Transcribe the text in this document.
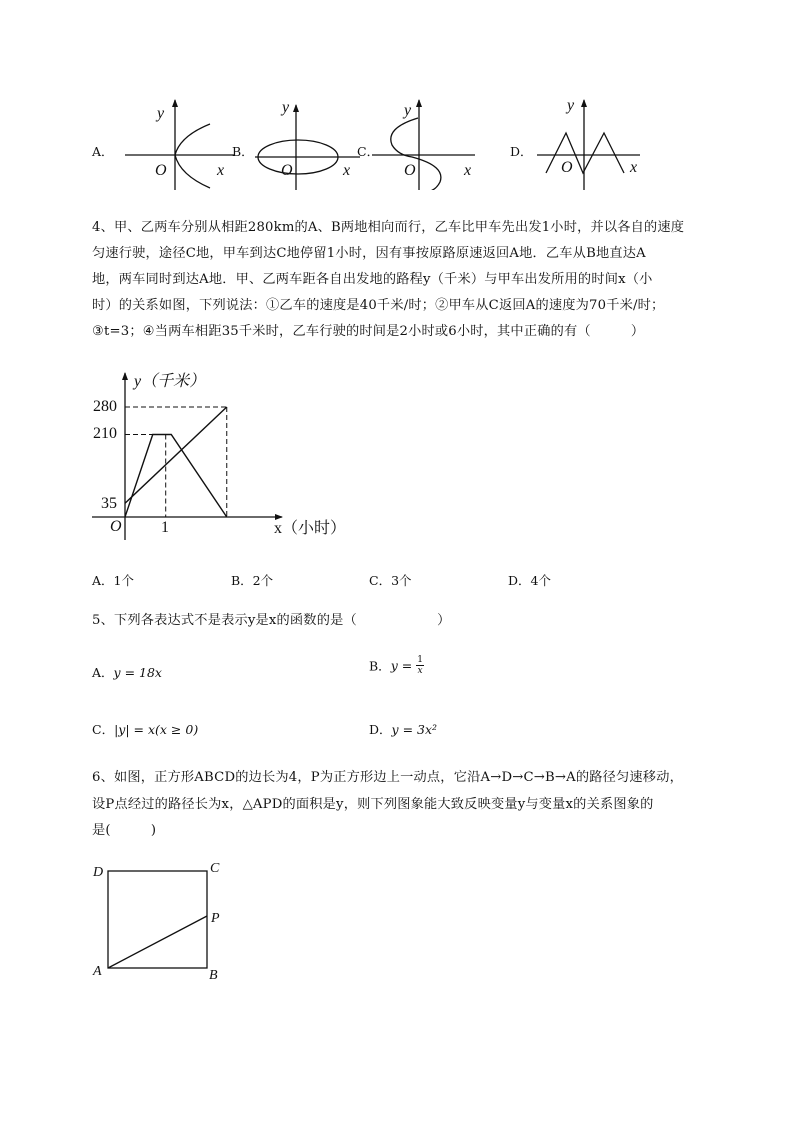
A．	B．	C．	D．
y
O	x
y
O	x
y
O	x
y
O	x
4、甲、乙两车分别从相距280km的A、B两地相向而行，乙车比甲车先出发1小时，并以各自的速度
匀速行驶，途径C地，甲车到达C地停留1小时，因有事按原路原速返回A地．乙车从B地直达A
地，两车同时到达A地．甲、乙两车距各自出发地的路程y（千米）与甲车出发所用的时间x（小
时）的关系如图，下列说法：①乙车的速度是40千米/时；②甲车从C返回A的速度为70千米/时；
③t=3；④当两车相距35千米时，乙车行驶的时间是2小时或6小时，其中正确的有（　　　）
y（千米）
280
210
35
O 1	x（小时）
A．1个	B．2个	C．3个	D．4个
5、下列各表达式不是表示y是x的函数的是（　　　　　　）
A．y = 18x	B．$y = \frac{1}{x}$
C．|y| = x(x ≥ 0)	D．y = 3x²
6、如图，正方形ABCD的边长为4，P为正方形边上一动点，它沿A→D→C→B→A的路径匀速移动，
设P点经过的路径长为x，△APD的面积是y，则下列图象能大致反映变量y与变量x的关系图象的
是(　　　)
D	C
P
A	B
